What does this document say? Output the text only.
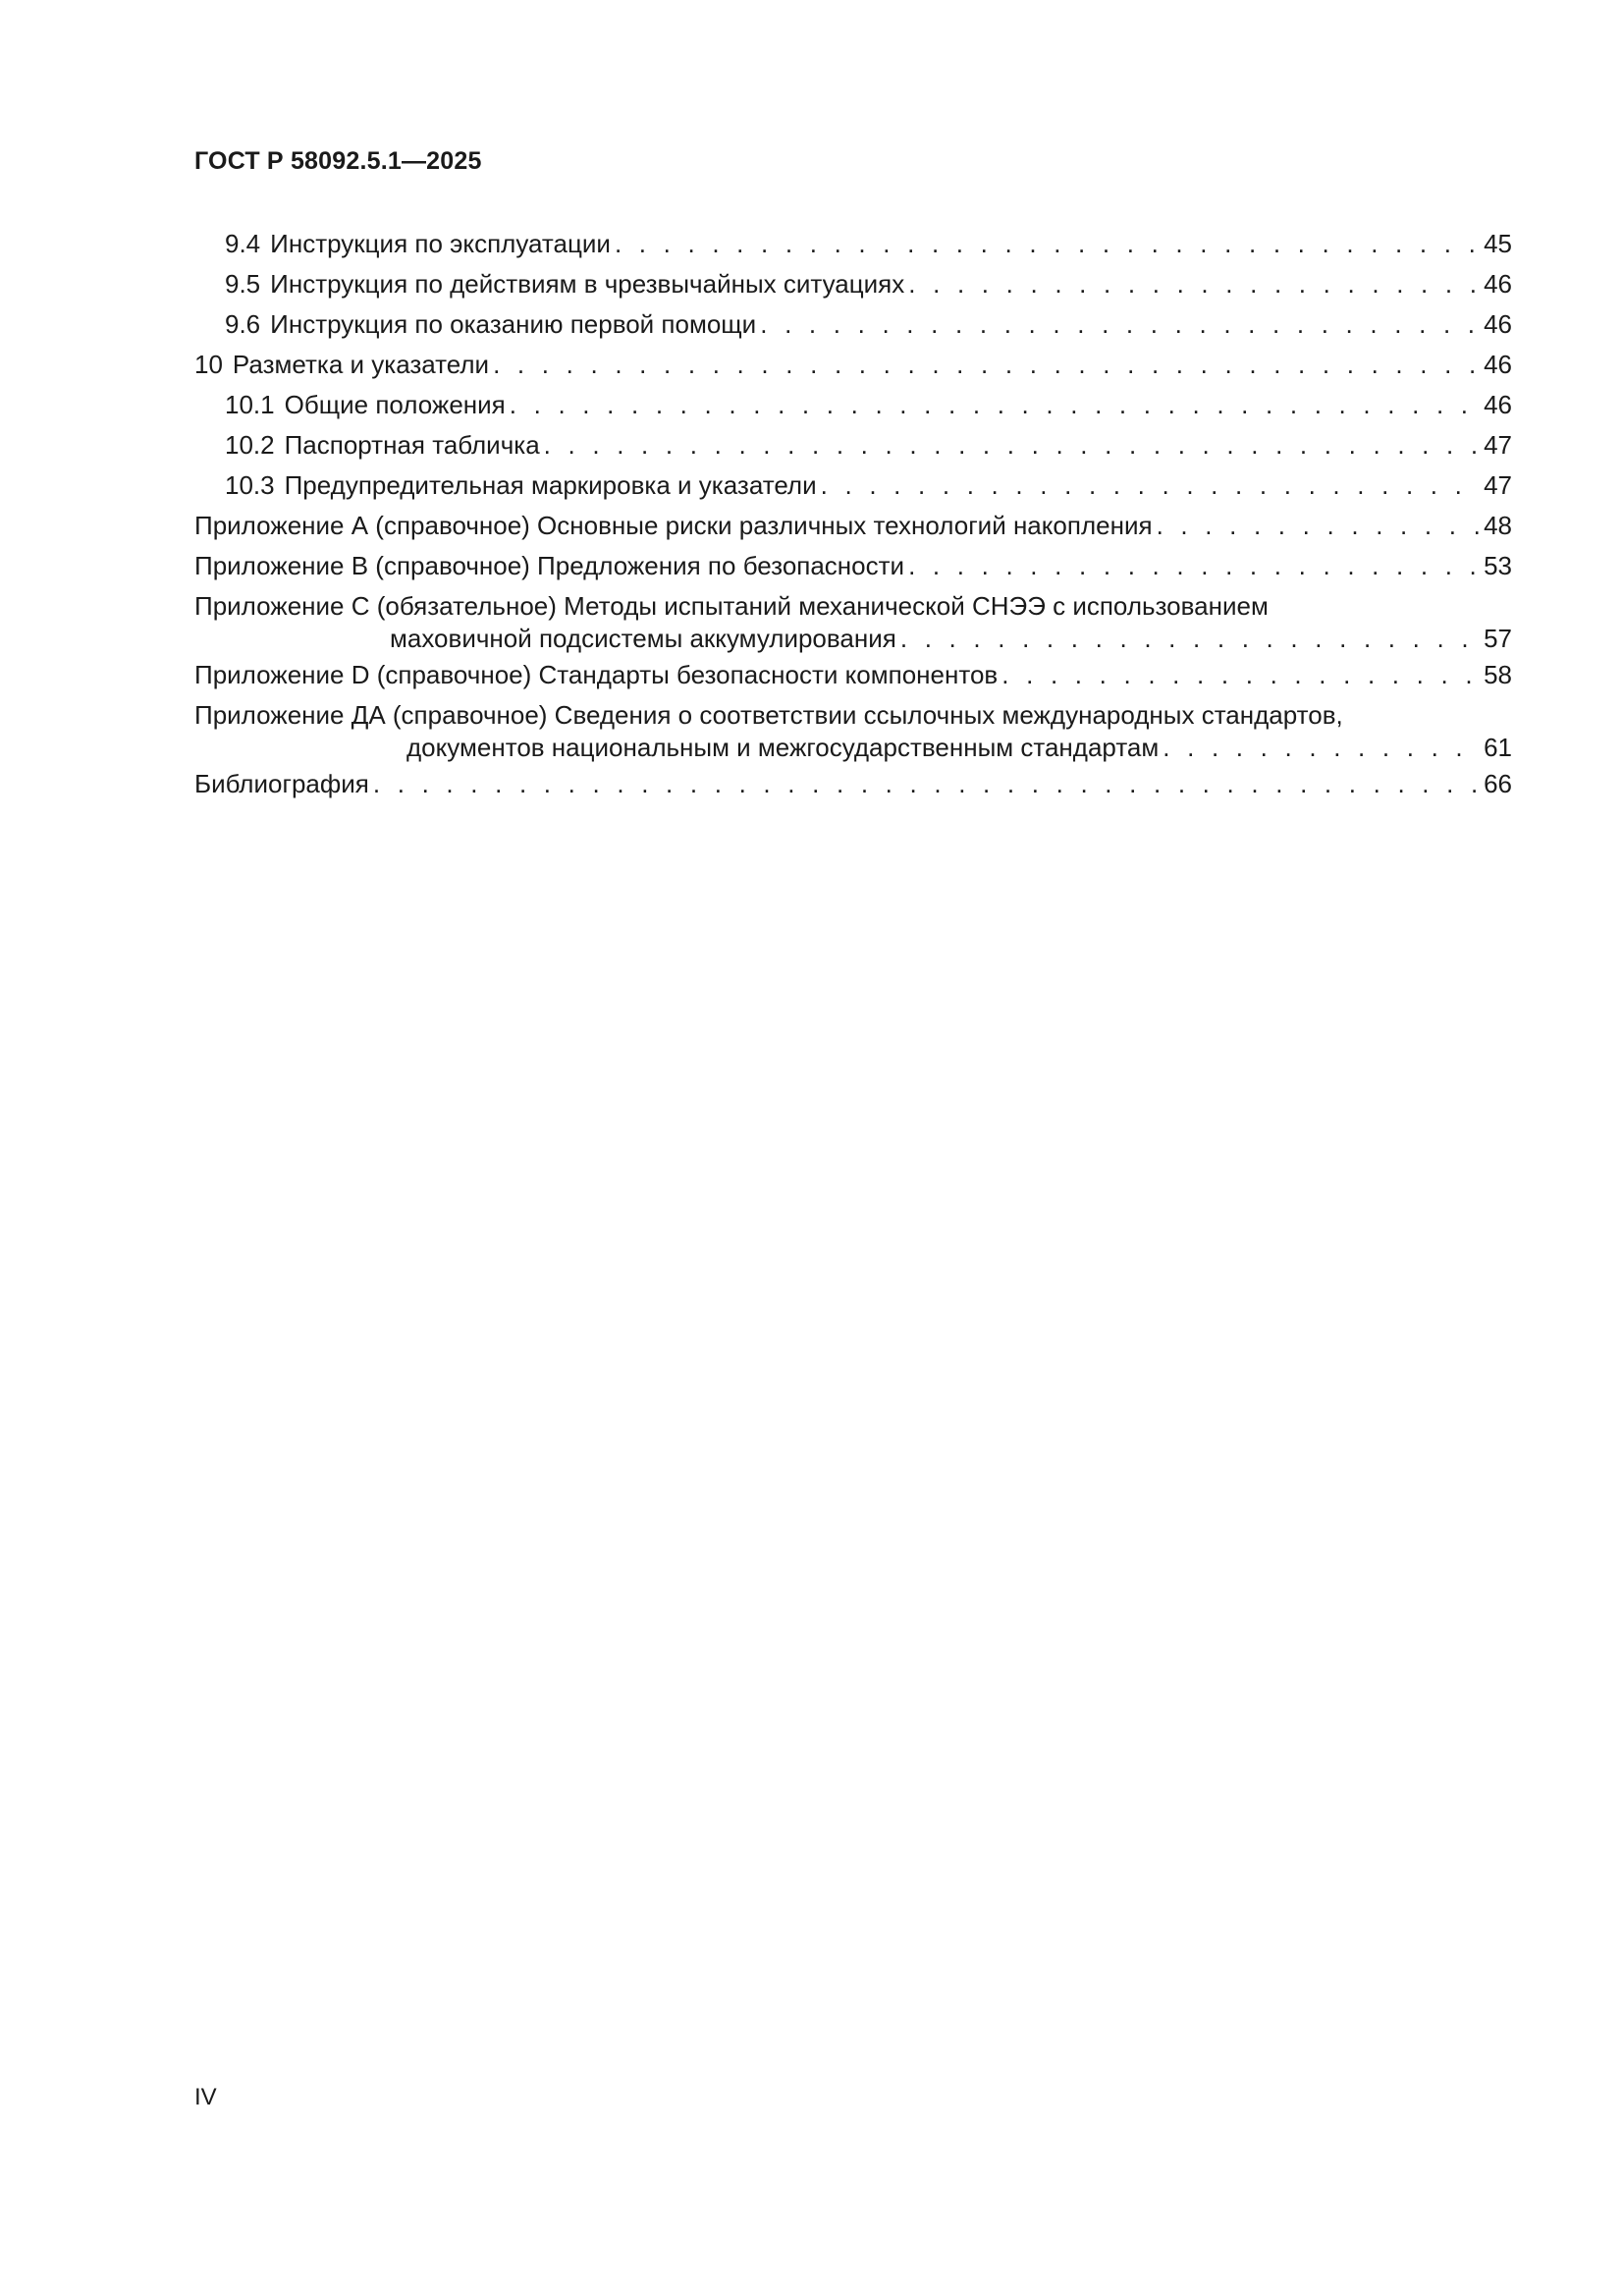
ГОСТ Р 58092.5.1—2025
9.4 Инструкция по эксплуатации . . .	45
9.5 Инструкция по действиям в чрезвычайных ситуациях . . .	46
9.6 Инструкция по оказанию первой помощи . . .	46
10 Разметка и указатели . . .	46
10.1 Общие положения . . .	46
10.2 Паспортная табличка . . .	47
10.3 Предупредительная маркировка и указатели . . .	47
Приложение А (справочное) Основные риски различных технологий накопления . . .	48
Приложение В (справочное) Предложения по безопасности . . .	53
Приложение С (обязательное) Методы испытаний механической СНЭЭ с использованием
маховичной подсистемы аккумулирования . . .	57
Приложение D (справочное) Стандарты безопасности компонентов . . .	58
Приложение ДА (справочное) Сведения о соответствии ссылочных международных стандартов,
документов национальным и межгосударственным стандартам . . .	61
Библиография . . .	66
IV
